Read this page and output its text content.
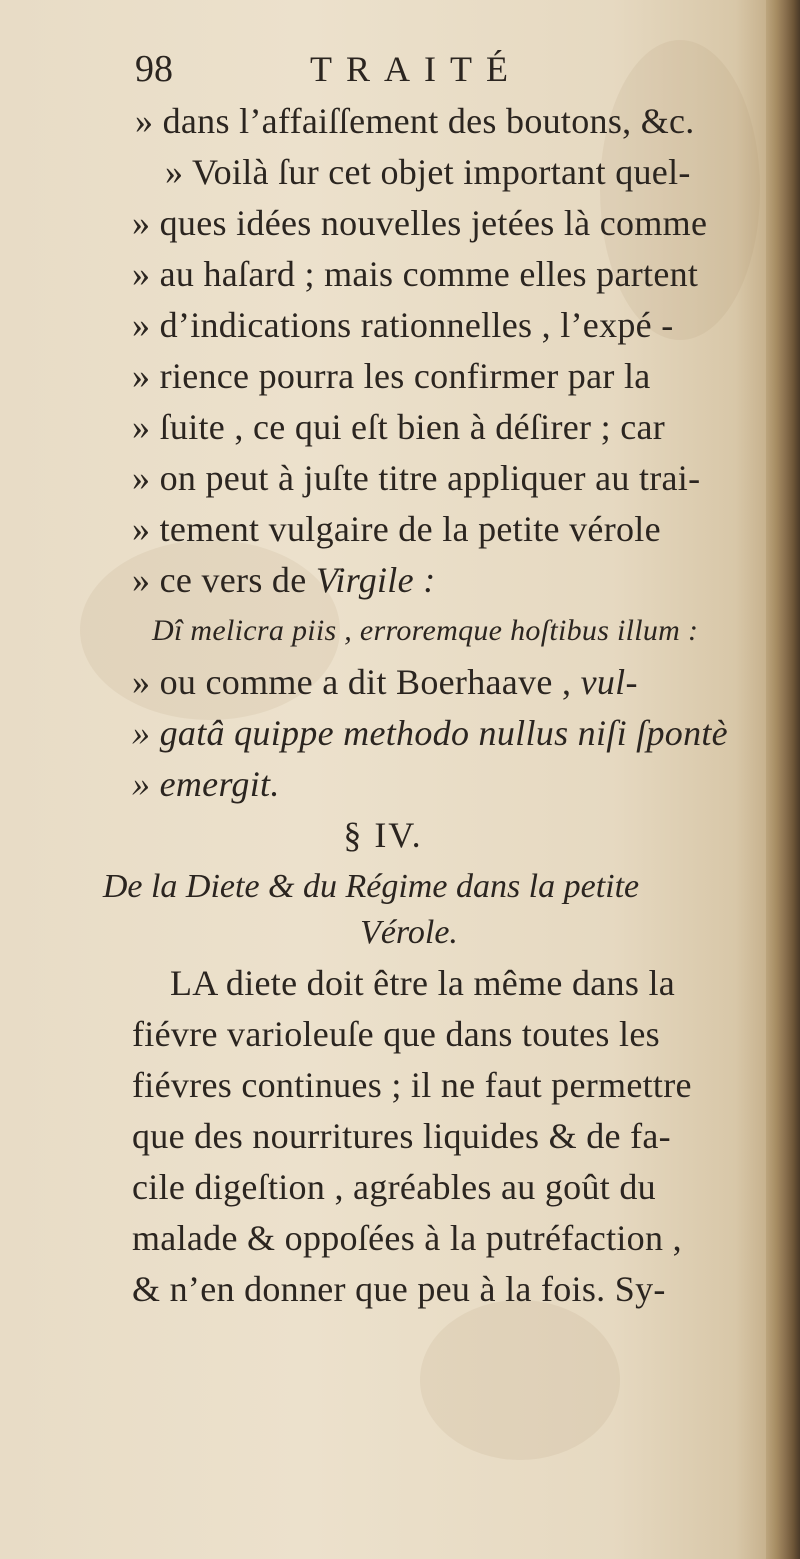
98	TRAITÉ

» dans l’affaiſſement des boutons, &c.

» Voilà ſur cet objet important quel-

» ques idées nouvelles jetées là comme

» au haſard ; mais comme elles partent

» d’indications rationnelles , l’expé -

» rience pourra les confirmer par la

» ſuite , ce qui eſt bien à déſirer ; car

» on peut à juſte titre appliquer au trai-

» tement vulgaire de la petite vérole

» ce vers de Virgile :

Dî melicra piis , erroremque hoſtibus illum :

» ou comme a dit Boerhaave , vul-

» gatâ quippe methodo nullus niſi ſpontè

» emergit.

§ IV.

De la Diete & du Régime dans la petite

Vérole.

LA diete doit être la même dans la

fiévre varioleuſe que dans toutes les

fiévres continues ; il ne faut permettre

que des nourritures liquides & de fa-

cile digeſtion , agréables au goût du

malade & oppoſées à la putréfaction ,

& n’en donner que peu à la fois. Sy-
